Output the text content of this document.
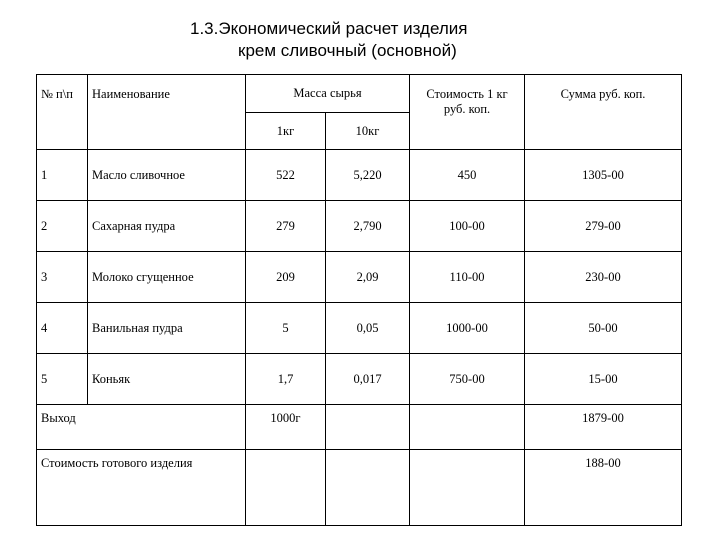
1.3.Экономический расчет изделия
крем сливочный (основной)
№ п\п	Наименование	Масса сырья		Стоимость 1 кг руб. коп.	Сумма руб. коп.
		1кг	10кг		
1	Масло сливочное	522	5,220	450	1305-00
2	Сахарная пудра	279	2,790	100-00	279-00
3	Молоко сгущенное	209	2,09	110-00	230-00
4	Ванильная пудра	5	0,05	1000-00	50-00
5	Коньяк	1,7	0,017	750-00	15-00
Выход		1000г			1879-00
Стоимость готового изделия					188-00
